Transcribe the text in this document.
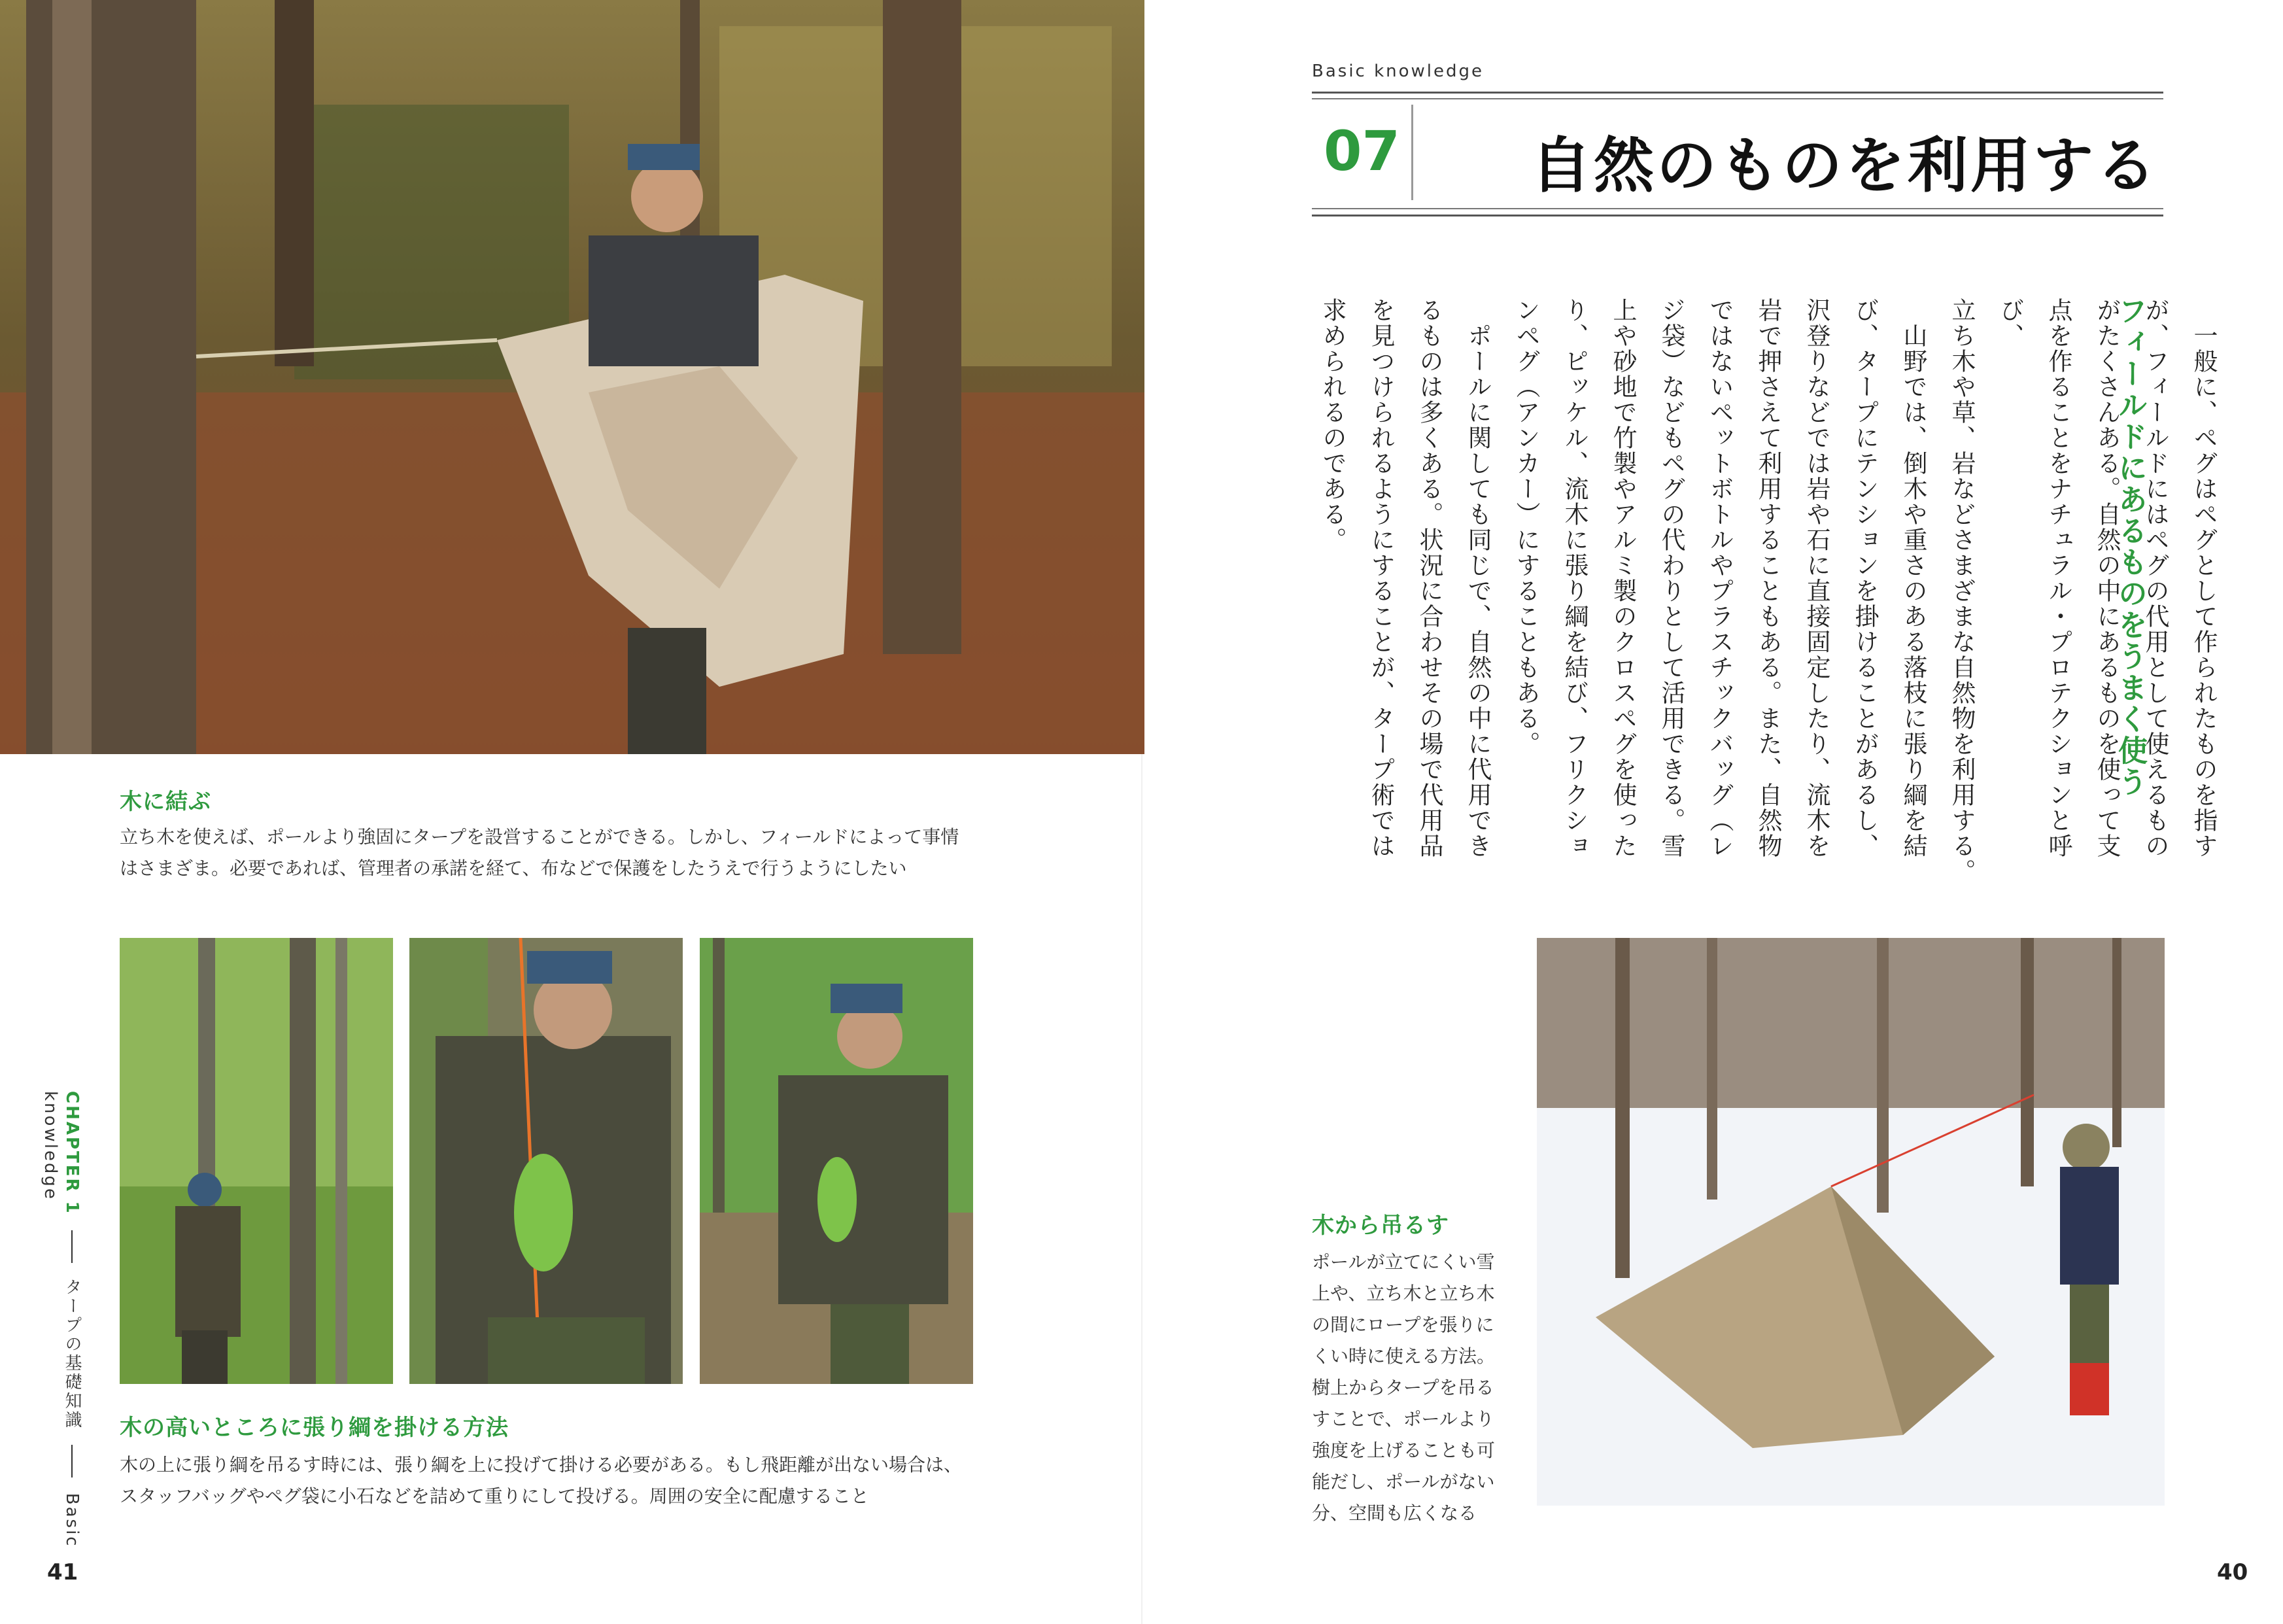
木に結ぶ
立ち木を使えば、ポールより強固にタープを設営することができる。しかし、フィールドによって事情
はさまざま。必要であれば、管理者の承諾を経て、布などで保護をしたうえで行うようにしたい
木の高いところに張り綱を掛ける方法
木の上に張り綱を吊るす時には、張り綱を上に投げて掛ける必要がある。もし飛距離が出ない場合は、
スタッフバッグやペグ袋に小石などを詰めて重りにして投げる。周囲の安全に配慮すること
CHAPTER 1  タープの基礎知識  Basic knowledge
41
Basic knowledge
07 自然のものを利用する
フィールドにあるものをうまく使う	　一般に、ペグはペグとして作られたものを指す
が、フィールドにはペグの代用として使えるもの
がたくさんある。自然の中にあるものを使って支
点を作ることをナチュラル・プロテクションと呼び、
立ち木や草、岩などさまざまな自然物を利用する。
　山野では、倒木や重さのある落枝に張り綱を結
び、タープにテンションを掛けることがあるし、
沢登りなどでは岩や石に直接固定したり、流木を
岩で押さえて利用することもある。また、自然物
ではないペットボトルやプラスチックバッグ（レ
ジ袋）などもペグの代わりとして活用できる。雪
上や砂地で竹製やアルミ製のクロスペグを使った
り、ピッケル、流木に張り綱を結び、フリクショ
ンペグ（アンカー）にすることもある。
　ポールに関しても同じで、自然の中に代用でき
るものは多くある。状況に合わせその場で代用品
を見つけられるようにすることが、タープ術では
求められるのである。
木から吊るす
ポールが立てにくい雪
上や、立ち木と立ち木
の間にロープを張りに
くい時に使える方法。
樹上からタープを吊る
すことで、ポールより
強度を上げることも可
能だし、ポールがない
分、空間も広くなる
40
